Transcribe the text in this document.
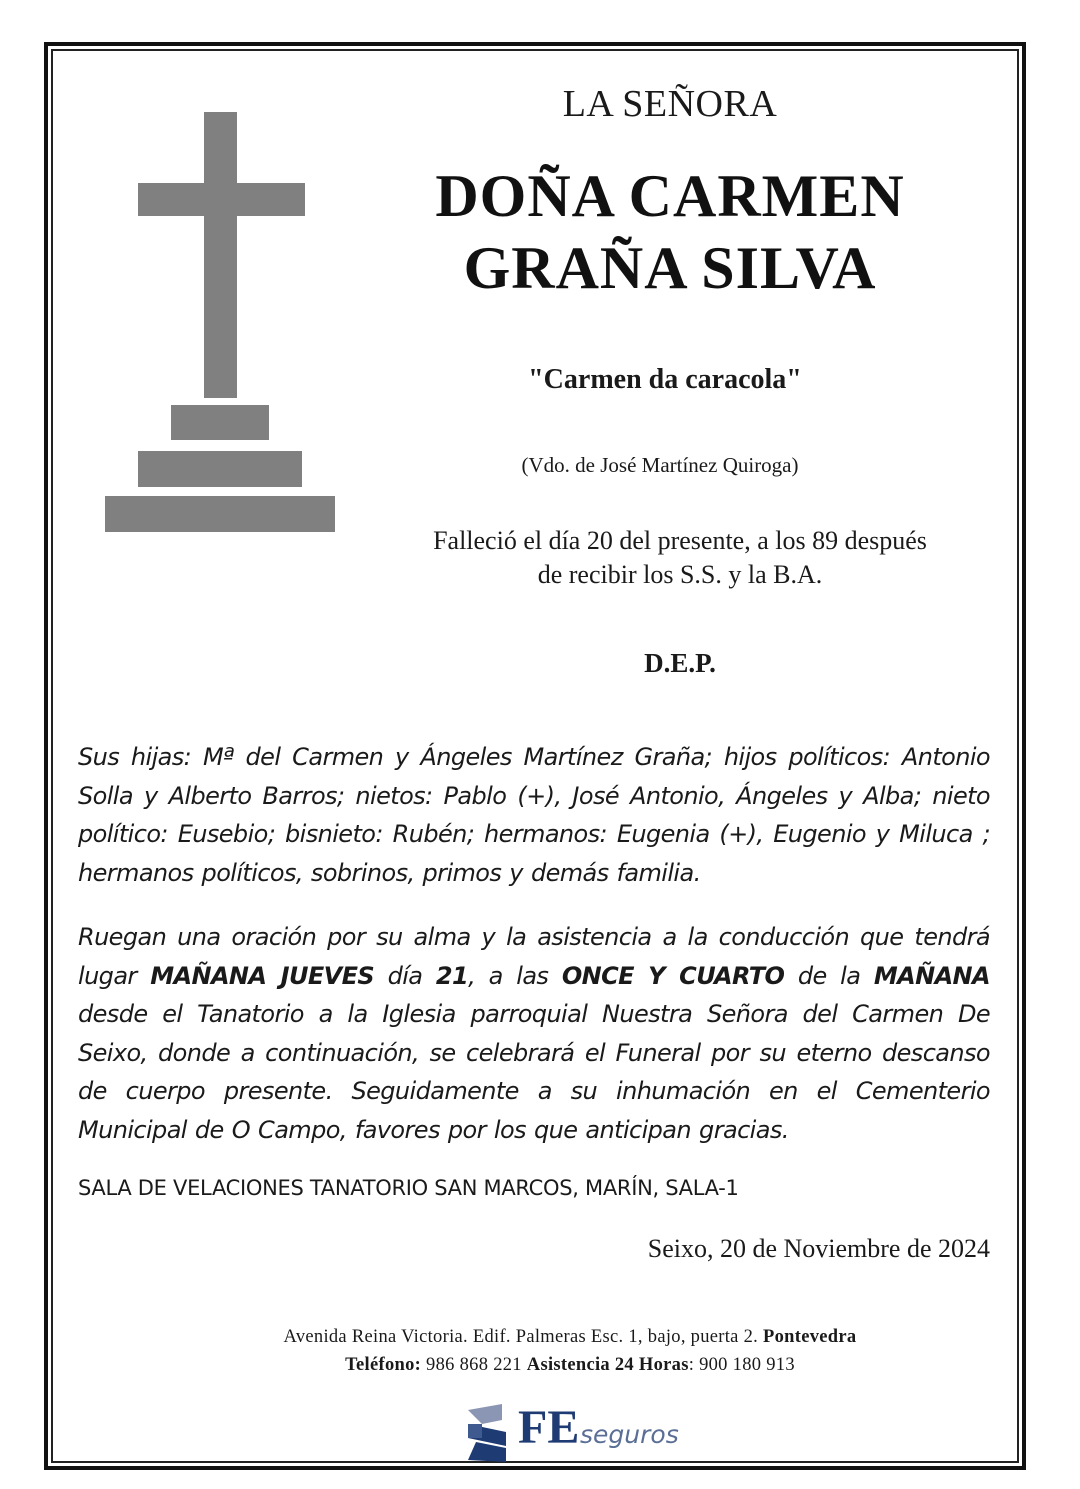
LA SEÑORA
DOÑA CARMEN
GRAÑA SILVA
"Carmen da caracola"
(Vdo. de José Martínez Quiroga)
Falleció el día 20 del presente, a los 89 después
de recibir los S.S. y la B.A.
D.E.P.
Sus hijas: Mª del Carmen y Ángeles Martínez Graña; hijos políticos: Antonio Solla y Alberto Barros; nietos: Pablo (+), José Antonio, Ángeles y Alba; nieto político: Eusebio; bisnieto: Rubén; hermanos: Eugenia (+), Eugenio y Miluca ; hermanos políticos, sobrinos, primos y demás familia.
Ruegan una oración por su alma y la asistencia a la conducción que tendrá lugar MAÑANA JUEVES día 21, a las ONCE Y CUARTO de la MAÑANA desde el Tanatorio a la Iglesia parroquial Nuestra Señora del Carmen De Seixo, donde a continuación, se celebrará el Funeral por su eterno descanso de cuerpo presente. Seguidamente a su inhumación en el Cementerio Municipal de O Campo, favores por los que anticipan gracias.
SALA DE VELACIONES TANATORIO SAN MARCOS, MARÍN, SALA-1
Seixo, 20 de Noviembre de 2024
Avenida Reina Victoria. Edif. Palmeras Esc. 1, bajo, puerta 2. Pontevedra
Teléfono: 986 868 221 Asistencia 24 Horas: 900 180 913
FE seguros
